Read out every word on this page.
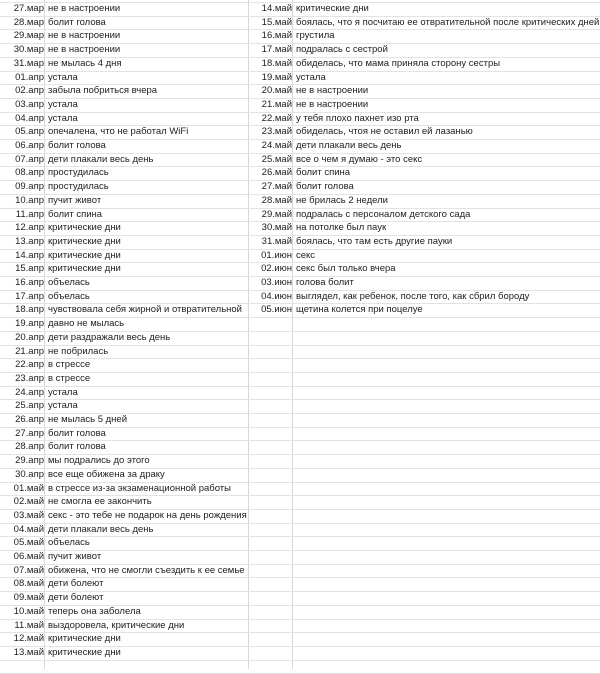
27.мар не в настроении
28.мар болит голова
29.мар не в настроении
30.мар не в настроении
31.мар не мылась 4 дня
01.апр устала
02.апр забыла побриться вчера
03.апр устала
04.апр устала
05.апр опечалена, что не работал WiFi
06.апр болит голова
07.апр дети плакали весь день
08.апр простудилась
09.апр простудилась
10.апр пучит живот
11.апр болит спина
12.апр критические дни
13.апр критические дни
14.апр критические дни
15.апр критические дни
16.апр объелась
17.апр объелась
18.апр чувствовала себя жирной и отвратительной
19.апр давно не мылась
20.апр дети раздражали весь день
21.апр не побрилась
22.апр в стрессе
23.апр в стрессе
24.апр устала
25.апр устала
26.апр не мылась 5 дней
27.апр болит голова
28.апр болит голова
29.апр мы подрались до этого
30.апр все еще обижена за драку
01.май в стрессе из-за экзаменационной работы
02.май не смогла ее закончить
03.май секс - это тебе не подарок на день рождения
04.май дети плакали весь день
05.май объелась
06.май пучит живот
07.май обижена, что не смогли съездить к ее семье
08.май дети болеют
09.май дети болеют
10.май теперь она заболела
11.май выздоровела, критические дни
12.май критические дни
13.май критические дни
14.май критические дни
15.май боялась, что я посчитаю ее отвратительной после критических дней
16.май грустила
17.май подралась с сестрой
18.май обиделась, что мама приняла сторону сестры
19.май устала
20.май не в настроении
21.май не в настроении
22.май у тебя плохо пахнет изо рта
23.май обиделась, чтоя не оставил ей лазанью
24.май дети плакали весь день
25.май все о чем я думаю - это секс
26.май болит спина
27.май болит голова
28.май не брилась 2 недели
29.май подралась с персоналом детского сада
30.май на потолке был паук
31.май боялась, что там есть другие пауки
01.июн секс
02.июн секс был только вчера
03.июн голова болит
04.июн выглядел, как ребенок, после того, как сбрил бороду
05.июн щетина колется при поцелуе
